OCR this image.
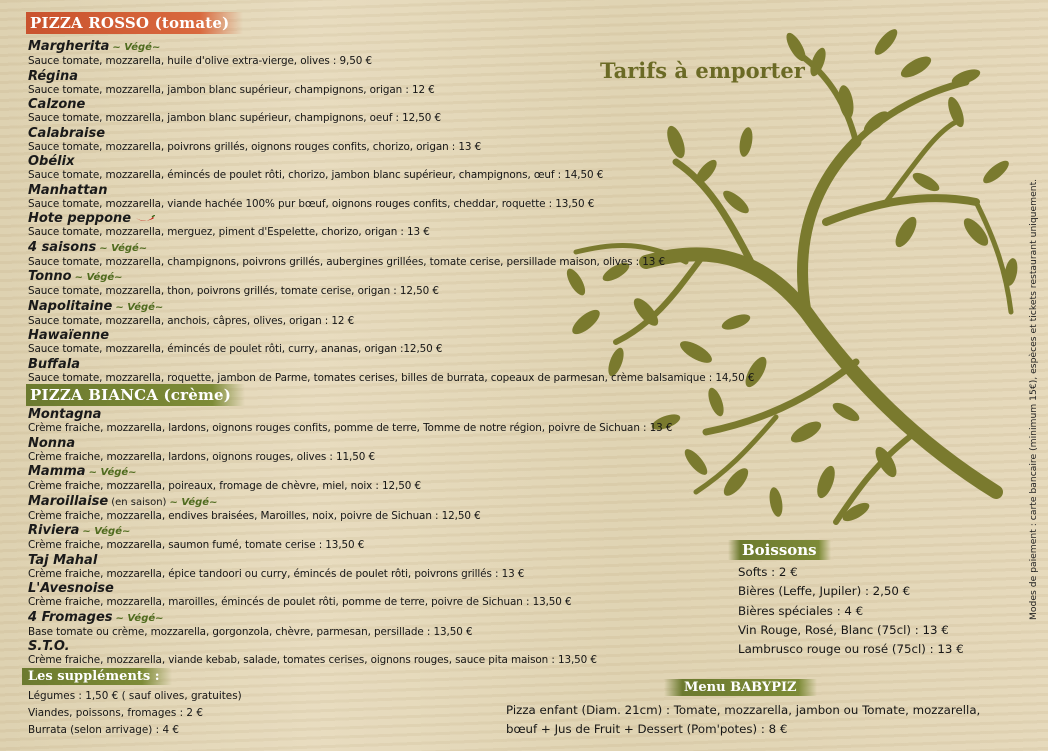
Tarifs à emporter
PIZZA ROSSO (tomate)
Margherita ~ Végé~
Sauce tomate, mozzarella, huile d'olive extra-vierge, olives : 9,50 €
Régina
Sauce tomate, mozzarella, jambon blanc supérieur, champignons, origan : 12 €
Calzone
Sauce tomate, mozzarella, jambon blanc supérieur, champignons, oeuf : 12,50 €
Calabraise
Sauce tomate, mozzarella, poivrons grillés, oignons rouges confits, chorizo, origan : 13 €
Obélix
Sauce tomate, mozzarella, émincés de poulet rôti, chorizo, jambon blanc supérieur, champignons, œuf : 14,50 €
Manhattan
Sauce tomate, mozzarella, viande hachée 100% pur bœuf, oignons rouges confits, cheddar, roquette : 13,50 €
Hote peppone
Sauce tomate, mozzarella, merguez, piment d'Espelette, chorizo, origan : 13 €
4 saisons ~ Végé~
Sauce tomate, mozzarella, champignons, poivrons grillés, aubergines grillées, tomate cerise, persillade maison, olives : 13 €
Tonno ~ Végé~
Sauce tomate, mozzarella, thon, poivrons grillés, tomate cerise, origan : 12,50 €
Napolitaine ~ Végé~
Sauce tomate, mozzarella, anchois, câpres, olives, origan : 12 €
Hawaïenne
Sauce tomate, mozzarella, émincés de poulet rôti, curry, ananas, origan :12,50 €
Buffala
Sauce tomate, mozzarella, roquette, jambon de Parme, tomates cerises, billes de burrata, copeaux de parmesan, crème balsamique : 14,50 €
PIZZA BIANCA (crème)
Montagna
Crème fraiche, mozzarella, lardons, oignons rouges confits, pomme de terre, Tomme de notre région, poivre de Sichuan : 13 €
Nonna
Crème fraiche, mozzarella, lardons, oignons rouges, olives : 11,50 €
Mamma ~ Végé~
Crème fraiche, mozzarella, poireaux, fromage de chèvre, miel, noix : 12,50 €
Maroillaise (en saison) ~ Végé~
Crème fraiche, mozzarella, endives braisées, Maroilles, noix, poivre de Sichuan : 12,50 €
Riviera ~ Végé~
Crème fraiche, mozzarella, saumon fumé, tomate cerise : 13,50 €
Taj Mahal
Crème fraiche, mozzarella, épice tandoori ou curry, émincés de poulet rôti, poivrons grillés : 13 €
L'Avesnoise
Crème fraiche, mozzarella, maroilles, émincés de poulet rôti, pomme de terre, poivre de Sichuan : 13,50 €
4 Fromages ~ Végé~
Base tomate ou crème, mozzarella, gorgonzola, chèvre, parmesan, persillade : 13,50 €
S.T.O.
Crème fraiche, mozzarella, viande kebab, salade, tomates cerises, oignons rouges, sauce pita maison : 13,50 €
Les suppléments :
Légumes : 1,50 € ( sauf olives, gratuites)
Viandes, poissons, fromages : 2 €
Burrata (selon arrivage) : 4 €
Boissons
Softs : 2 €
Bières (Leffe, Jupiler) : 2,50 €
Bières spéciales : 4 €
Vin Rouge, Rosé, Blanc (75cl) : 13 €
Lambrusco rouge ou rosé (75cl) : 13 €
Menu BABYPIZ
Pizza enfant (Diam. 21cm) : Tomate, mozzarella, jambon ou Tomate, mozzarella, bœuf + Jus de Fruit + Dessert (Pom'potes) : 8 €
Modes de paiement : carte bancaire (minimum 15€), espèces et tickets restaurant uniquement.
